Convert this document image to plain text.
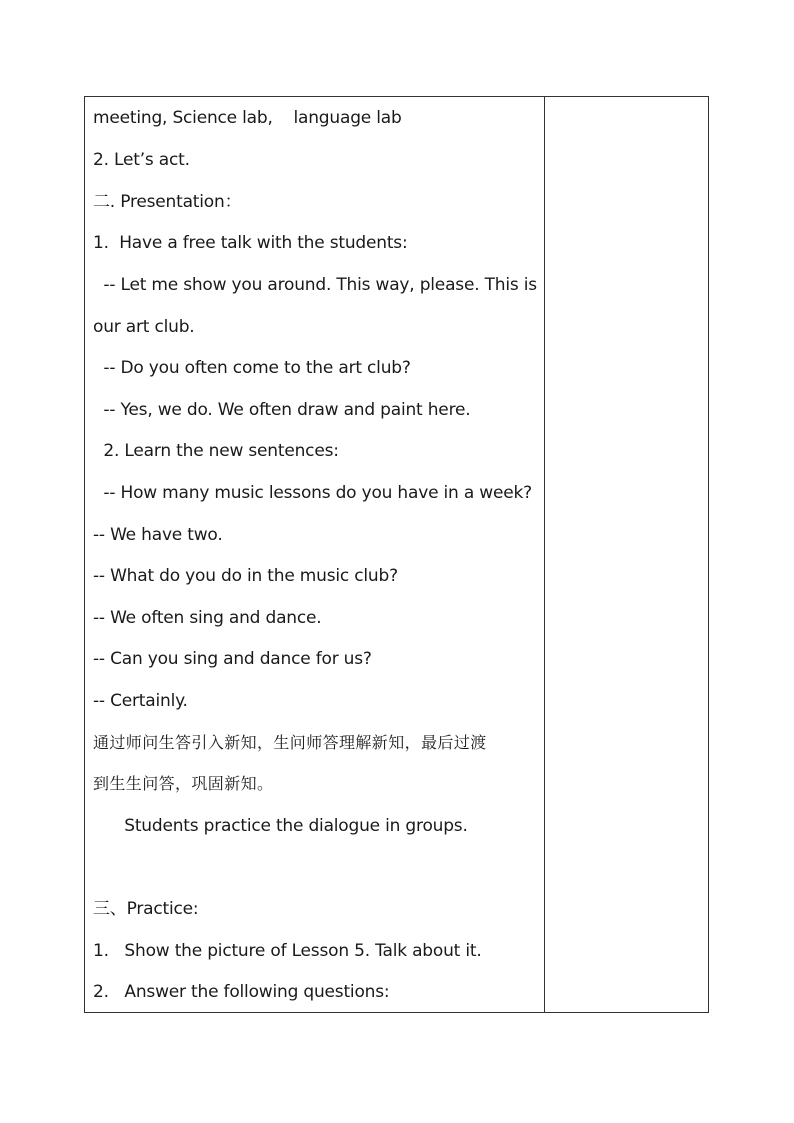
meeting, Science lab,    language lab
2. Let’s act.
二. Presentation：
1.  Have a free talk with the students:
-- Let me show you around. This way, please. This is
our art club.
-- Do you often come to the art club?
-- Yes, we do. We often draw and paint here.
2. Learn the new sentences:
-- How many music lessons do you have in a week?
-- We have two.
-- What do you do in the music club?
-- We often sing and dance.
-- Can you sing and dance for us?
-- Certainly.
通过师问生答引入新知，生问师答理解新知，最后过渡
到生生问答，巩固新知。
Students practice the dialogue in groups.
三、Practice:
1.   Show the picture of Lesson 5. Talk about it.
2.   Answer the following questions:
